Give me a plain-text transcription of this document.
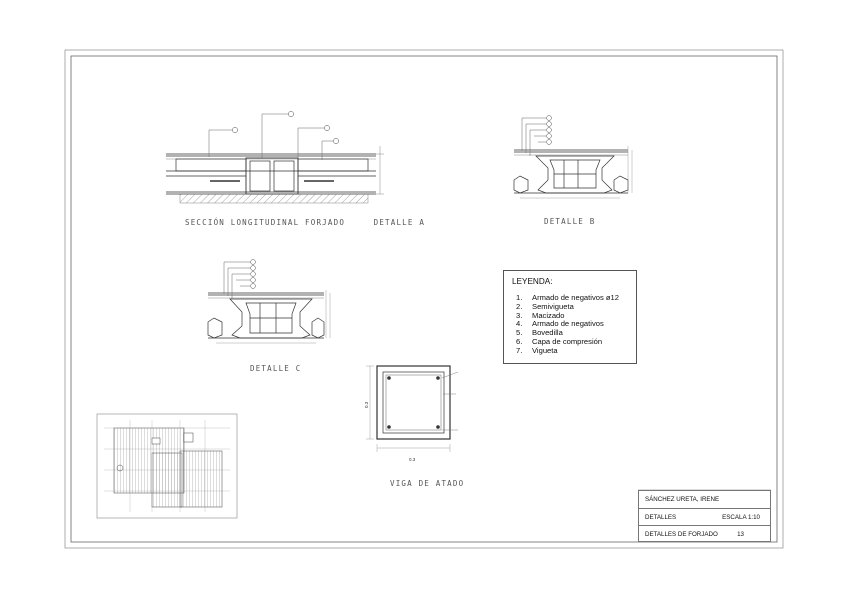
SECCIÓN LONGITUDINAL FORJADO     DETALLE A	DETALLE B
DETALLE C
0.3
0.3
VIGA DE ATADO
LEYENDA:
1. Armado de negativos ø12
2. Semivigueta
3. Macizado
4. Armado de negativos
5. Bovedilla
6. Capa de compresión
7. Vigueta
SÁNCHEZ URETA, IRENE
DETALLES	ESCALA 1:10
DETALLES DE FORJADO	13
